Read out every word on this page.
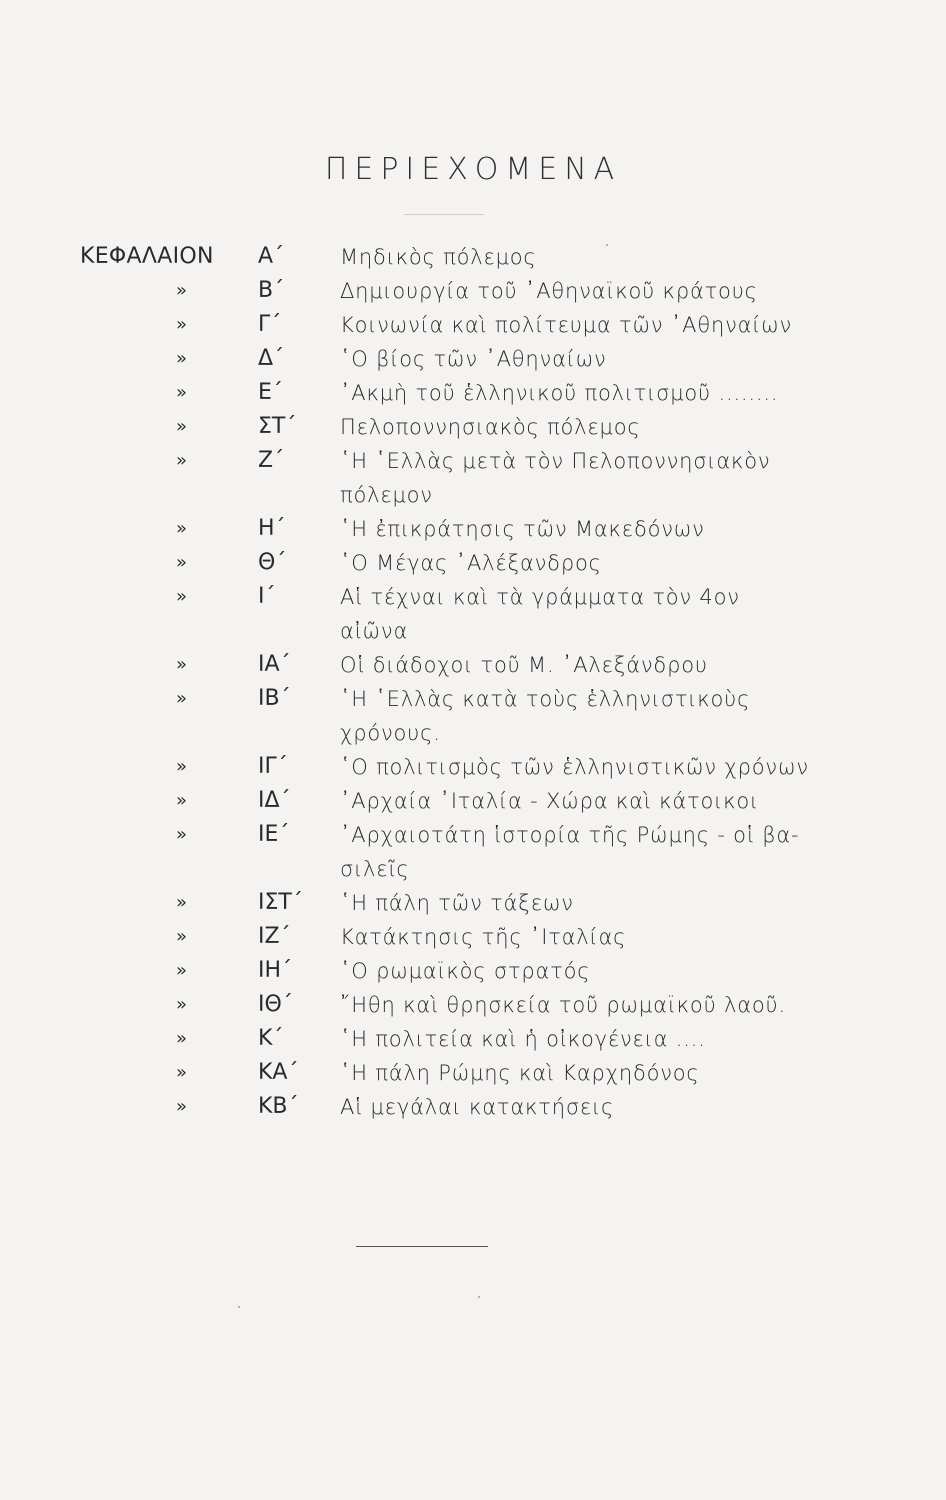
ΠΕΡΙΕΧΟΜΕΝΑ
ΚΕΦΑΛΑΙΟΝ Α΄	Μηδικὸς πόλεμος
»	Β΄	Δημιουργία τοῦ ᾿Αθηναϊκοῦ κράτους
»	Γ΄	Κοινωνία καὶ πολίτευμα τῶν ᾿Αθηναίων
»	Δ΄	῾Ο βίος τῶν ᾿Αθηναίων
»	Ε΄	᾿Ακμὴ τοῦ ἑλληνικοῦ πολιτισμοῦ ........
»	ΣΤ΄ Πελοποννησιακὸς πόλεμος
»	Ζ΄	῾Η ῾Ελλὰς μετὰ τὸν Πελοποννησιακὸν
πόλεμον
»	Η΄	῾Η ἐπικράτησις τῶν Μακεδόνων
»	Θ΄	῾Ο Μέγας ᾿Αλέξανδρος
»	Ι΄	Αἱ τέχναι καὶ τὰ γράμματα τὸν 4ον
αἰῶνα
»	ΙΑ΄ Οἱ διάδοχοι τοῦ Μ. ᾿Αλεξάνδρου
»	ΙΒ΄ ῾Η ῾Ελλὰς κατὰ τοὺς ἑλληνιστικοὺς
χρόνους.
»	ΙΓ΄ ῾Ο πολιτισμὸς τῶν ἑλληνιστικῶν χρόνων
»	ΙΔ΄ ᾿Αρχαία ᾿Ιταλία - Χώρα καὶ κάτοικοι
»	ΙΕ΄ ᾿Αρχαιοτάτη ἱστορία τῆς Ρώμης - οἱ βα-
σιλεῖς
»	ΙΣΤ΄ ῾Η πάλη τῶν τάξεων
»	ΙΖ΄ Κατάκτησις τῆς ᾿Ιταλίας
»	ΙΗ΄ ῾Ο ρωμαϊκὸς στρατός
»	ΙΘ΄ ῎Ηθη καὶ θρησκεία τοῦ ρωμαϊκοῦ λαοῦ.
»	Κ΄	῾Η πολιτεία καὶ ἡ οἰκογένεια ....
»	ΚΑ΄ ῾Η πάλη Ρώμης καὶ Καρχηδόνος
»	ΚΒ΄ Αἱ μεγάλαι κατακτήσεις
